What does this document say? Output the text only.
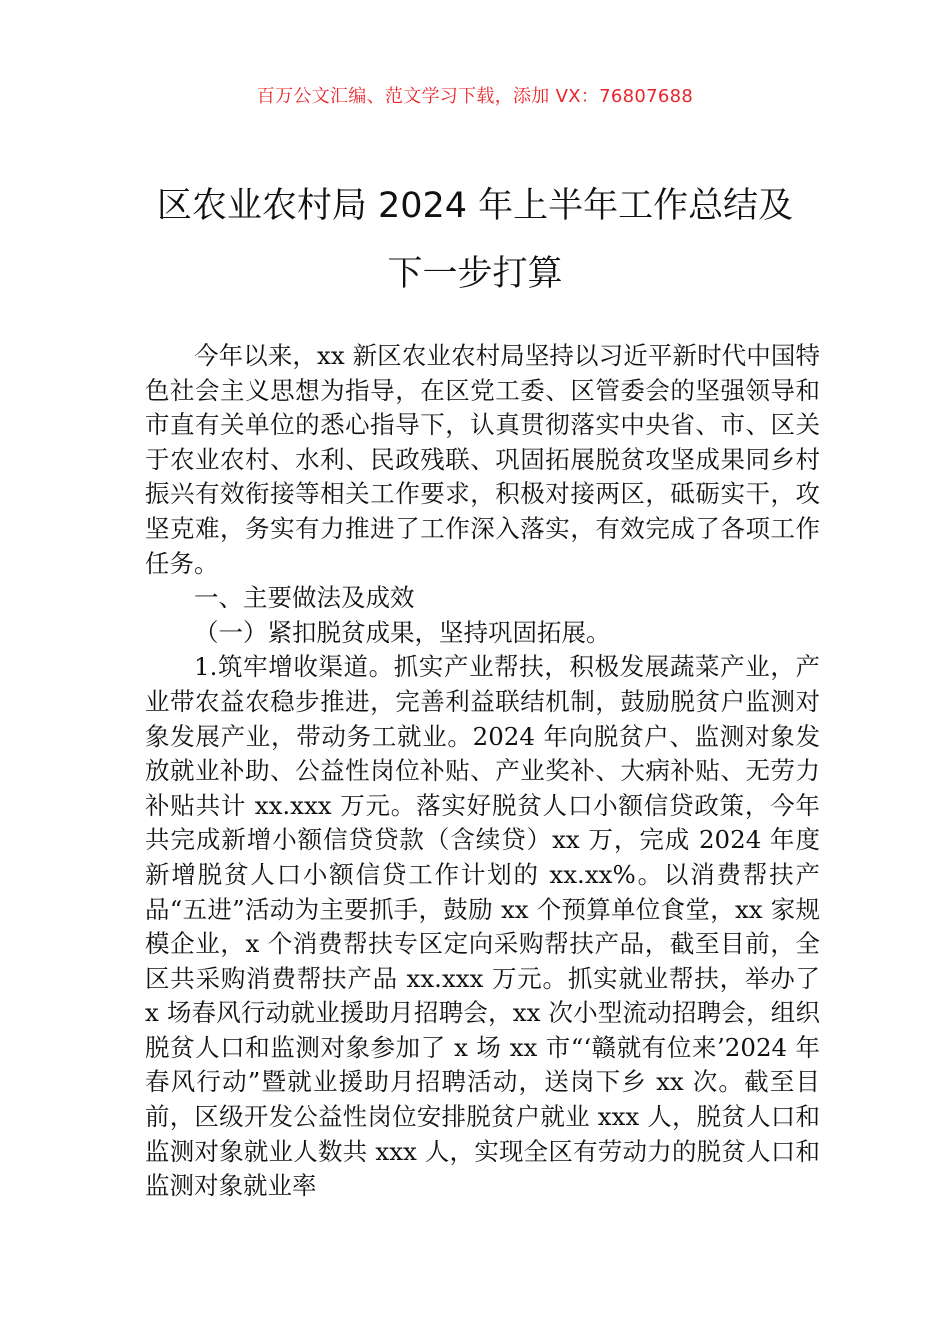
百万公文汇编、范文学习下载，添加 VX：76807688
区农业农村局 2024 年上半年工作总结及下一步打算

今年以来，xx 新区农业农村局坚持以习近平新时代中国特色社会主义思想为指导，在区党工委、区管委会的坚强领导和市直有关单位的悉心指导下，认真贯彻落实中央省、市、区关于农业农村、水利、民政残联、巩固拓展脱贫攻坚成果同乡村振兴有效衔接等相关工作要求，积极对接两区，砥砺实干，攻坚克难，务实有力推进了工作深入落实，有效完成了各项工作任务。

一、主要做法及成效

（一）紧扣脱贫成果，坚持巩固拓展。

1.筑牢增收渠道。抓实产业帮扶，积极发展蔬菜产业，产业带农益农稳步推进，完善利益联结机制，鼓励脱贫户监测对象发展产业，带动务工就业。2024 年向脱贫户、监测对象发放就业补助、公益性岗位补贴、产业奖补、大病补贴、无劳力补贴共计 xx.xxx 万元。落实好脱贫人口小额信贷政策，今年共完成新增小额信贷贷款（含续贷）xx 万，完成 2024 年度新增脱贫人口小额信贷工作计划的 xx.xx%。以消费帮扶产品“五进”活动为主要抓手，鼓励 xx 个预算单位食堂，xx 家规模企业，x 个消费帮扶专区定向采购帮扶产品，截至目前，全区共采购消费帮扶产品 xx.xxx 万元。抓实就业帮扶，举办了 x 场春风行动就业援助月招聘会，xx 次小型流动招聘会，组织脱贫人口和监测对象参加了 x 场 xx 市“‘赣就有位来’2024 年春风行动”暨就业援助月招聘活动，送岗下乡 xx 次。截至目前，区级开发公益性岗位安排脱贫户就业 xxx 人，脱贫人口和监测对象就业人数共 xxx 人，实现全区有劳动力的脱贫人口和监测对象就业率
